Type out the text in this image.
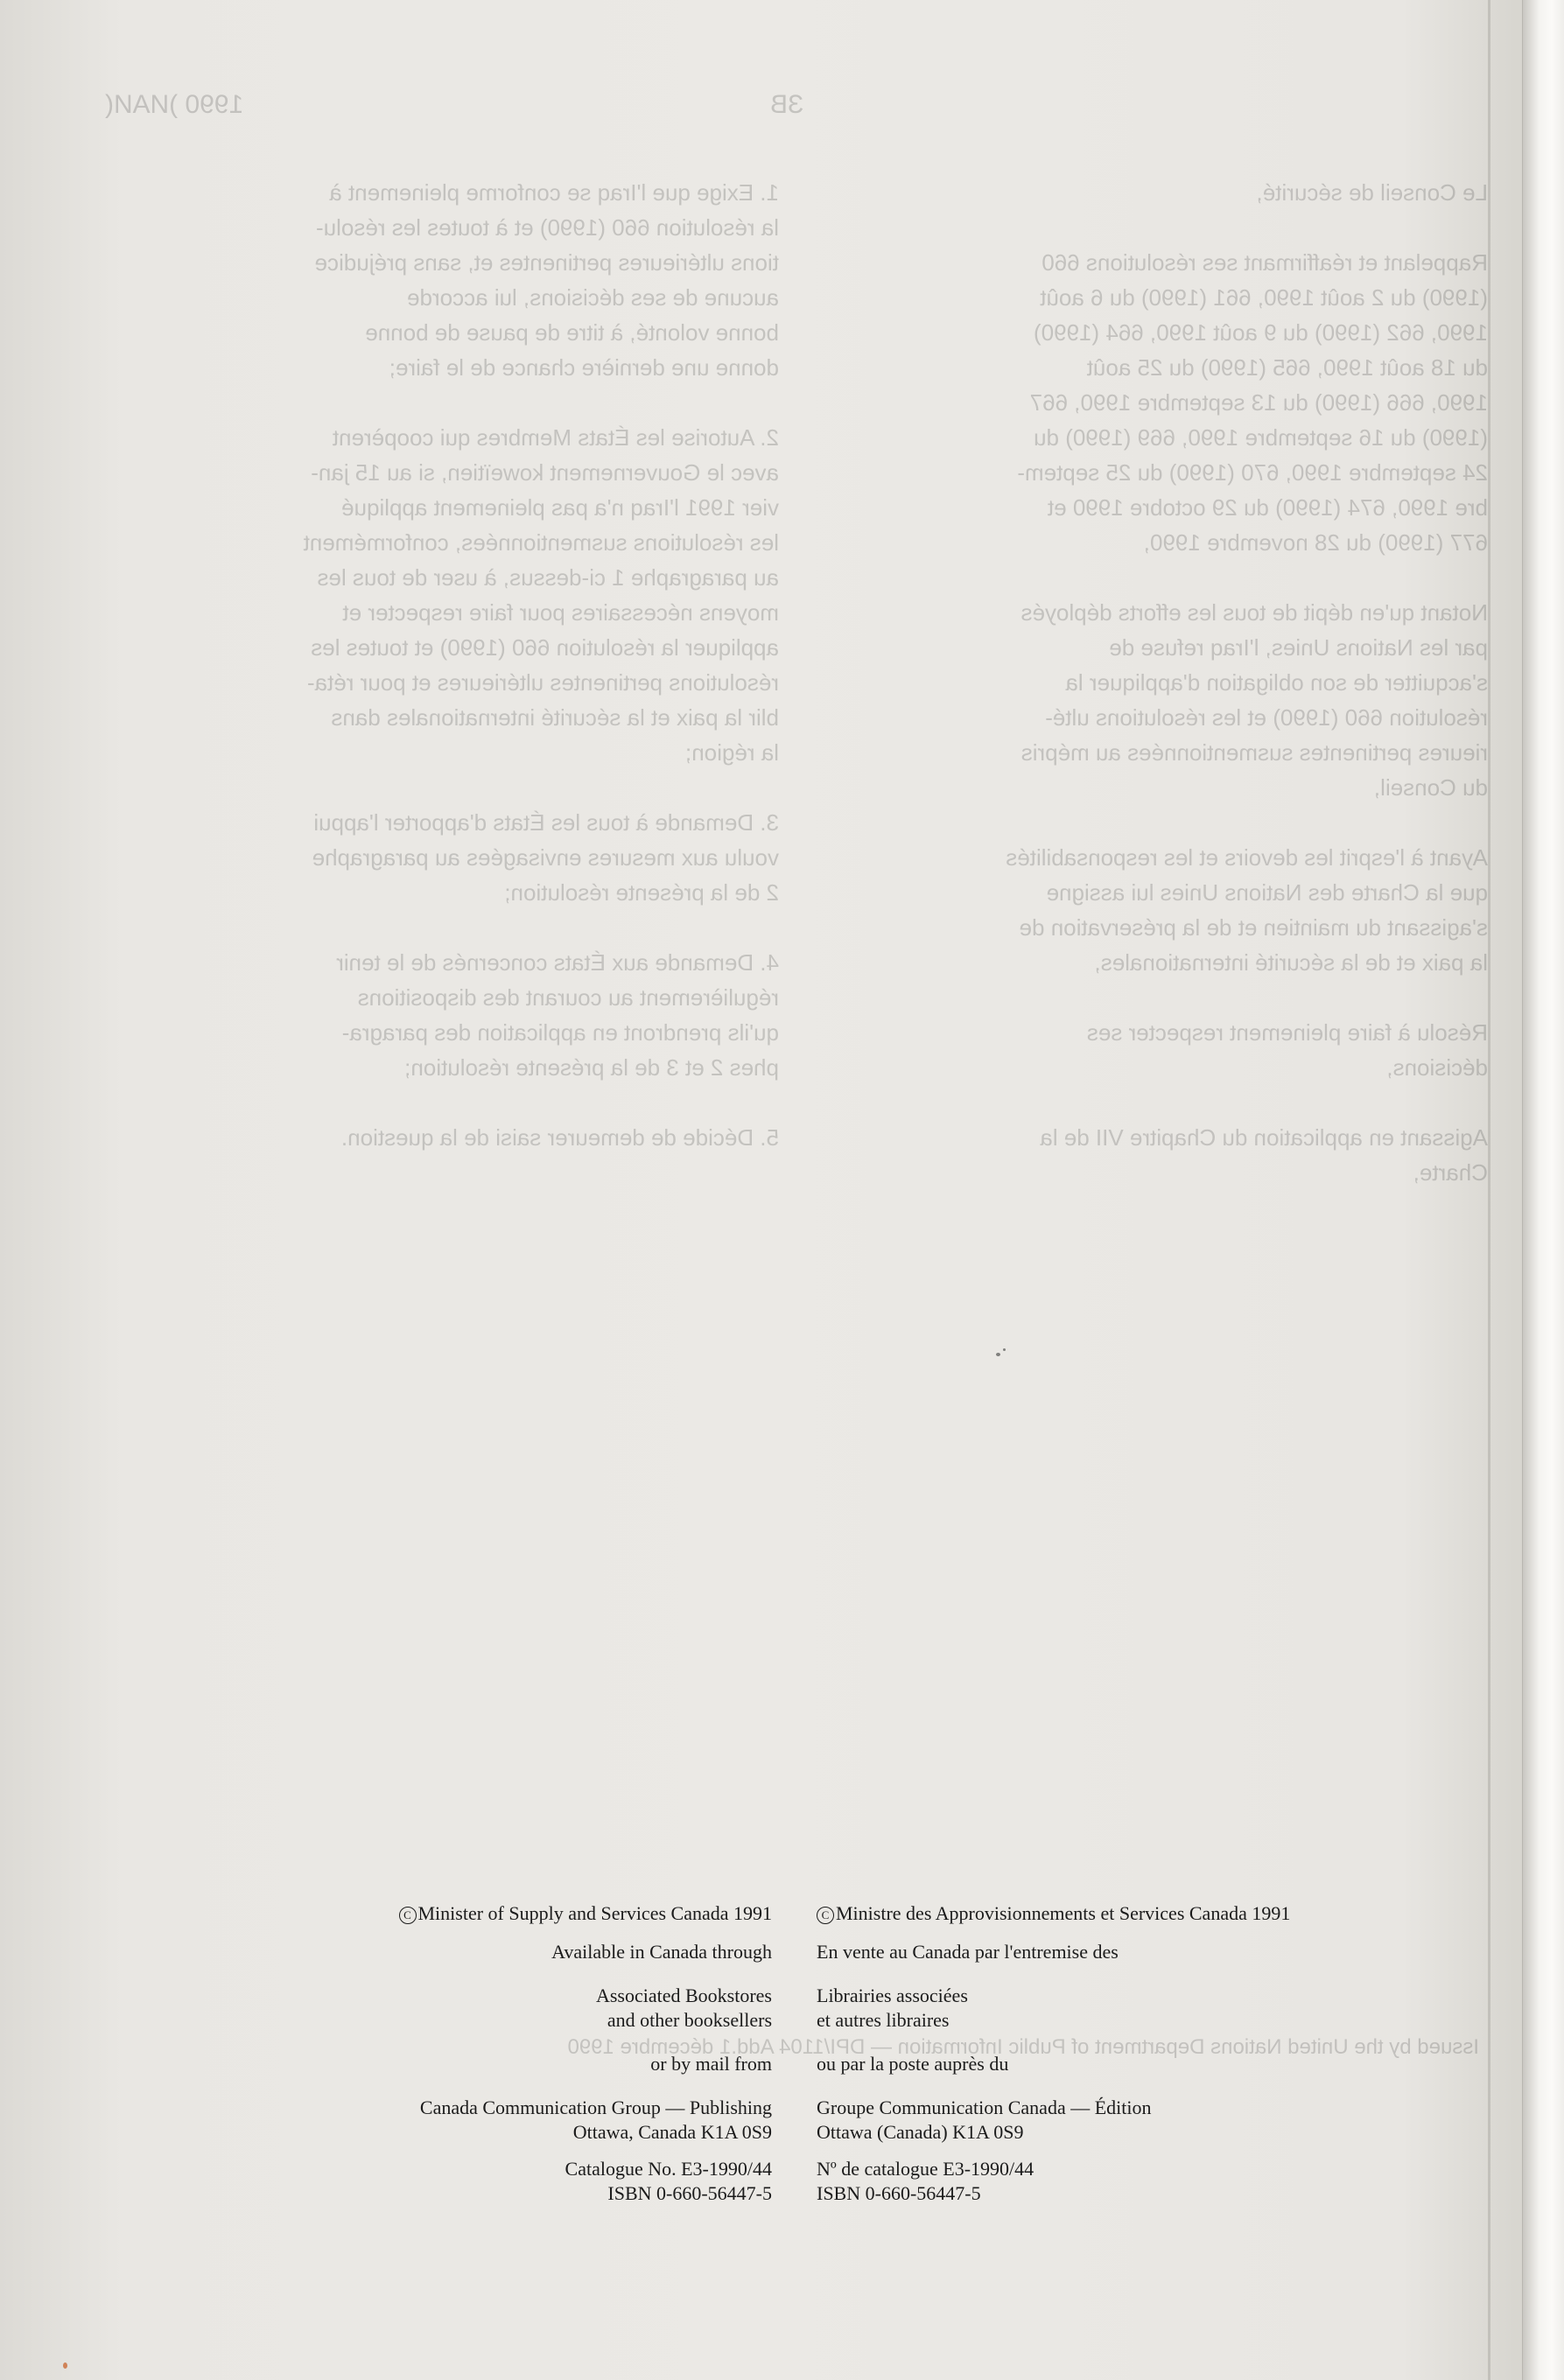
1990 )ИАИ(	ЗВ
1. Exige que l'Iraq se conforme pleinement à
la résolution 660 (1990) et à toutes les résolu-
tions ultérieures pertinentes et, sans préjudice
aucune de ses décisions, lui accorde
bonne volonté, à titre de pause de bonne
donne une dernière chance de le faire;

2. Autorise les États Membres qui coopèrent
avec le Gouvernement koweïtien, si au 15 jan-
vier 1991 l'Iraq n'a pas pleinement appliqué
les résolutions susmentionnées, conformément
au paragraphe 1 ci-dessus, à user de tous les
moyens nécessaires pour faire respecter et
appliquer la résolution 660 (1990) et toutes les
résolutions pertinentes ultérieures et pour réta-
blir la paix et la sécurité internationales dans
la région;

3. Demande à tous les États d'apporter l'appui
voulu aux mesures envisagées au paragraphe
2 de la présente résolution;

4. Demande aux États concernés de le tenir
régulièrement au courant des dispositions
qu'ils prendront en application des paragra-
phes 2 et 3 de la présente résolution;

5. Décide de demeurer saisi de la question.
Le Conseil de sécurité,

Rappelant et réaffirmant ses résolutions 660
(1990) du 2 août 1990, 661 (1990) du 6 août
1990, 662 (1990) du 9 août 1990, 664 (1990)
du 18 août 1990, 665 (1990) du 25 août
1990, 666 (1990) du 13 septembre 1990, 667
(1990) du 16 septembre 1990, 669 (1990) du
24 septembre 1990, 670 (1990) du 25 septem-
bre 1990, 674 (1990) du 29 octobre 1990 et
677 (1990) du 28 novembre 1990,

Notant qu'en dépit de tous les efforts déployés
par les Nations Unies, l'Iraq refuse de
s'acquitter de son obligation d'appliquer la
résolution 660 (1990) et les résolutions ulté-
rieures pertinentes susmentionnées au mépris
du Conseil,

Ayant à l'esprit les devoirs et les responsabilités
que la Charte des Nations Unies lui assigne
s'agissant du maintien et de la préservation de
la paix et de la sécurité internationales,

Résolu à faire pleinement respecter ses
décisions,

Agissant en application du Chapitre VII de la
Charte,
Issued by the United Nations Department of Public Information — DPI/1104 Add.1 décembre 1990
C Minister of Supply and Services Canada 1991
Available in Canada through
Associated Bookstores
and other booksellers
or by mail from
Canada Communication Group — Publishing
Ottawa, Canada K1A 0S9
Catalogue No. E3-1990/44
ISBN 0-660-56447-5
C Ministre des Approvisionnements et Services Canada 1991
En vente au Canada par l'entremise des
Librairies associées
et autres libraires
ou par la poste auprès du
Groupe Communication Canada — Édition
Ottawa (Canada) K1A 0S9
Nº de catalogue E3-1990/44
ISBN 0-660-56447-5
